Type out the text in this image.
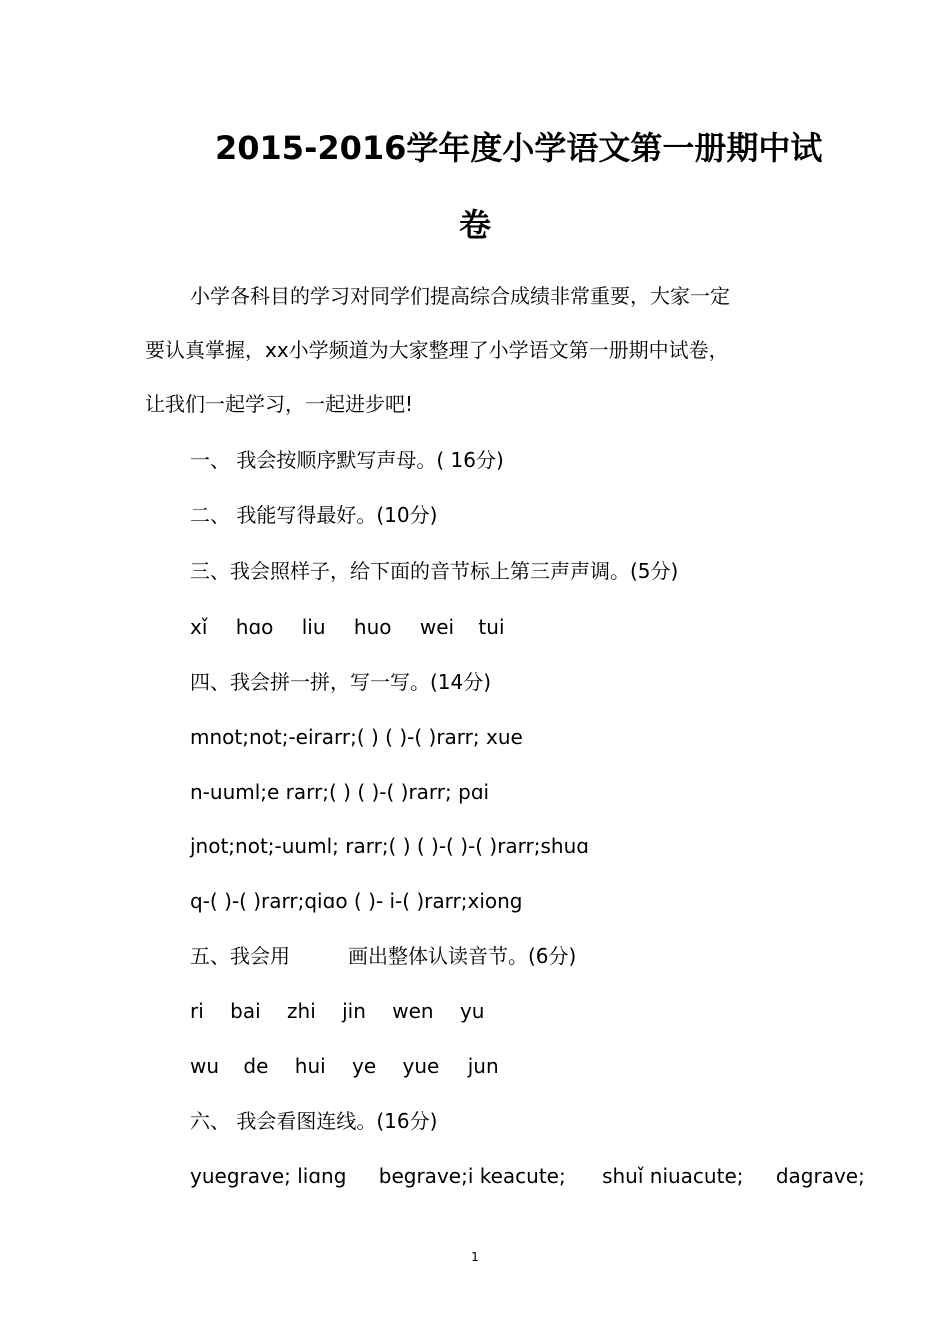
2015-2016学年度小学语文第一册期中试
卷
小学各科目的学习对同学们提高综合成绩非常重要，大家一定
要认真掌握，xx小学频道为大家整理了小学语文第一册期中试卷，
让我们一起学习，一起进步吧!
一、 我会按顺序默写声母。( 16分)
二、 我能写得最好。(10分)
三、我会照样子，给下面的音节标上第三声声调。(5分)
xǐ hɑo liu huo wei tui
四、我会拼一拼，写一写。(14分)
mnot;not;-eirarr;( ) ( )-( )rarr; xue
n-uuml;e rarr;( ) ( )-( )rarr; pɑi
jnot;not;-uuml; rarr;( ) ( )-( )-( )rarr;shuɑ
q-( )-( )rarr;qiɑo ( )- i-( )rarr;xiong
五、我会用	画出整体认读音节。(6分)
ri bai zhi jin wen yu
wu de hui ye yue jun
六、 我会看图连线。(16分)
yuegrave; liɑng begrave;i keacute; shuǐ niuacute; dagrave;
1
